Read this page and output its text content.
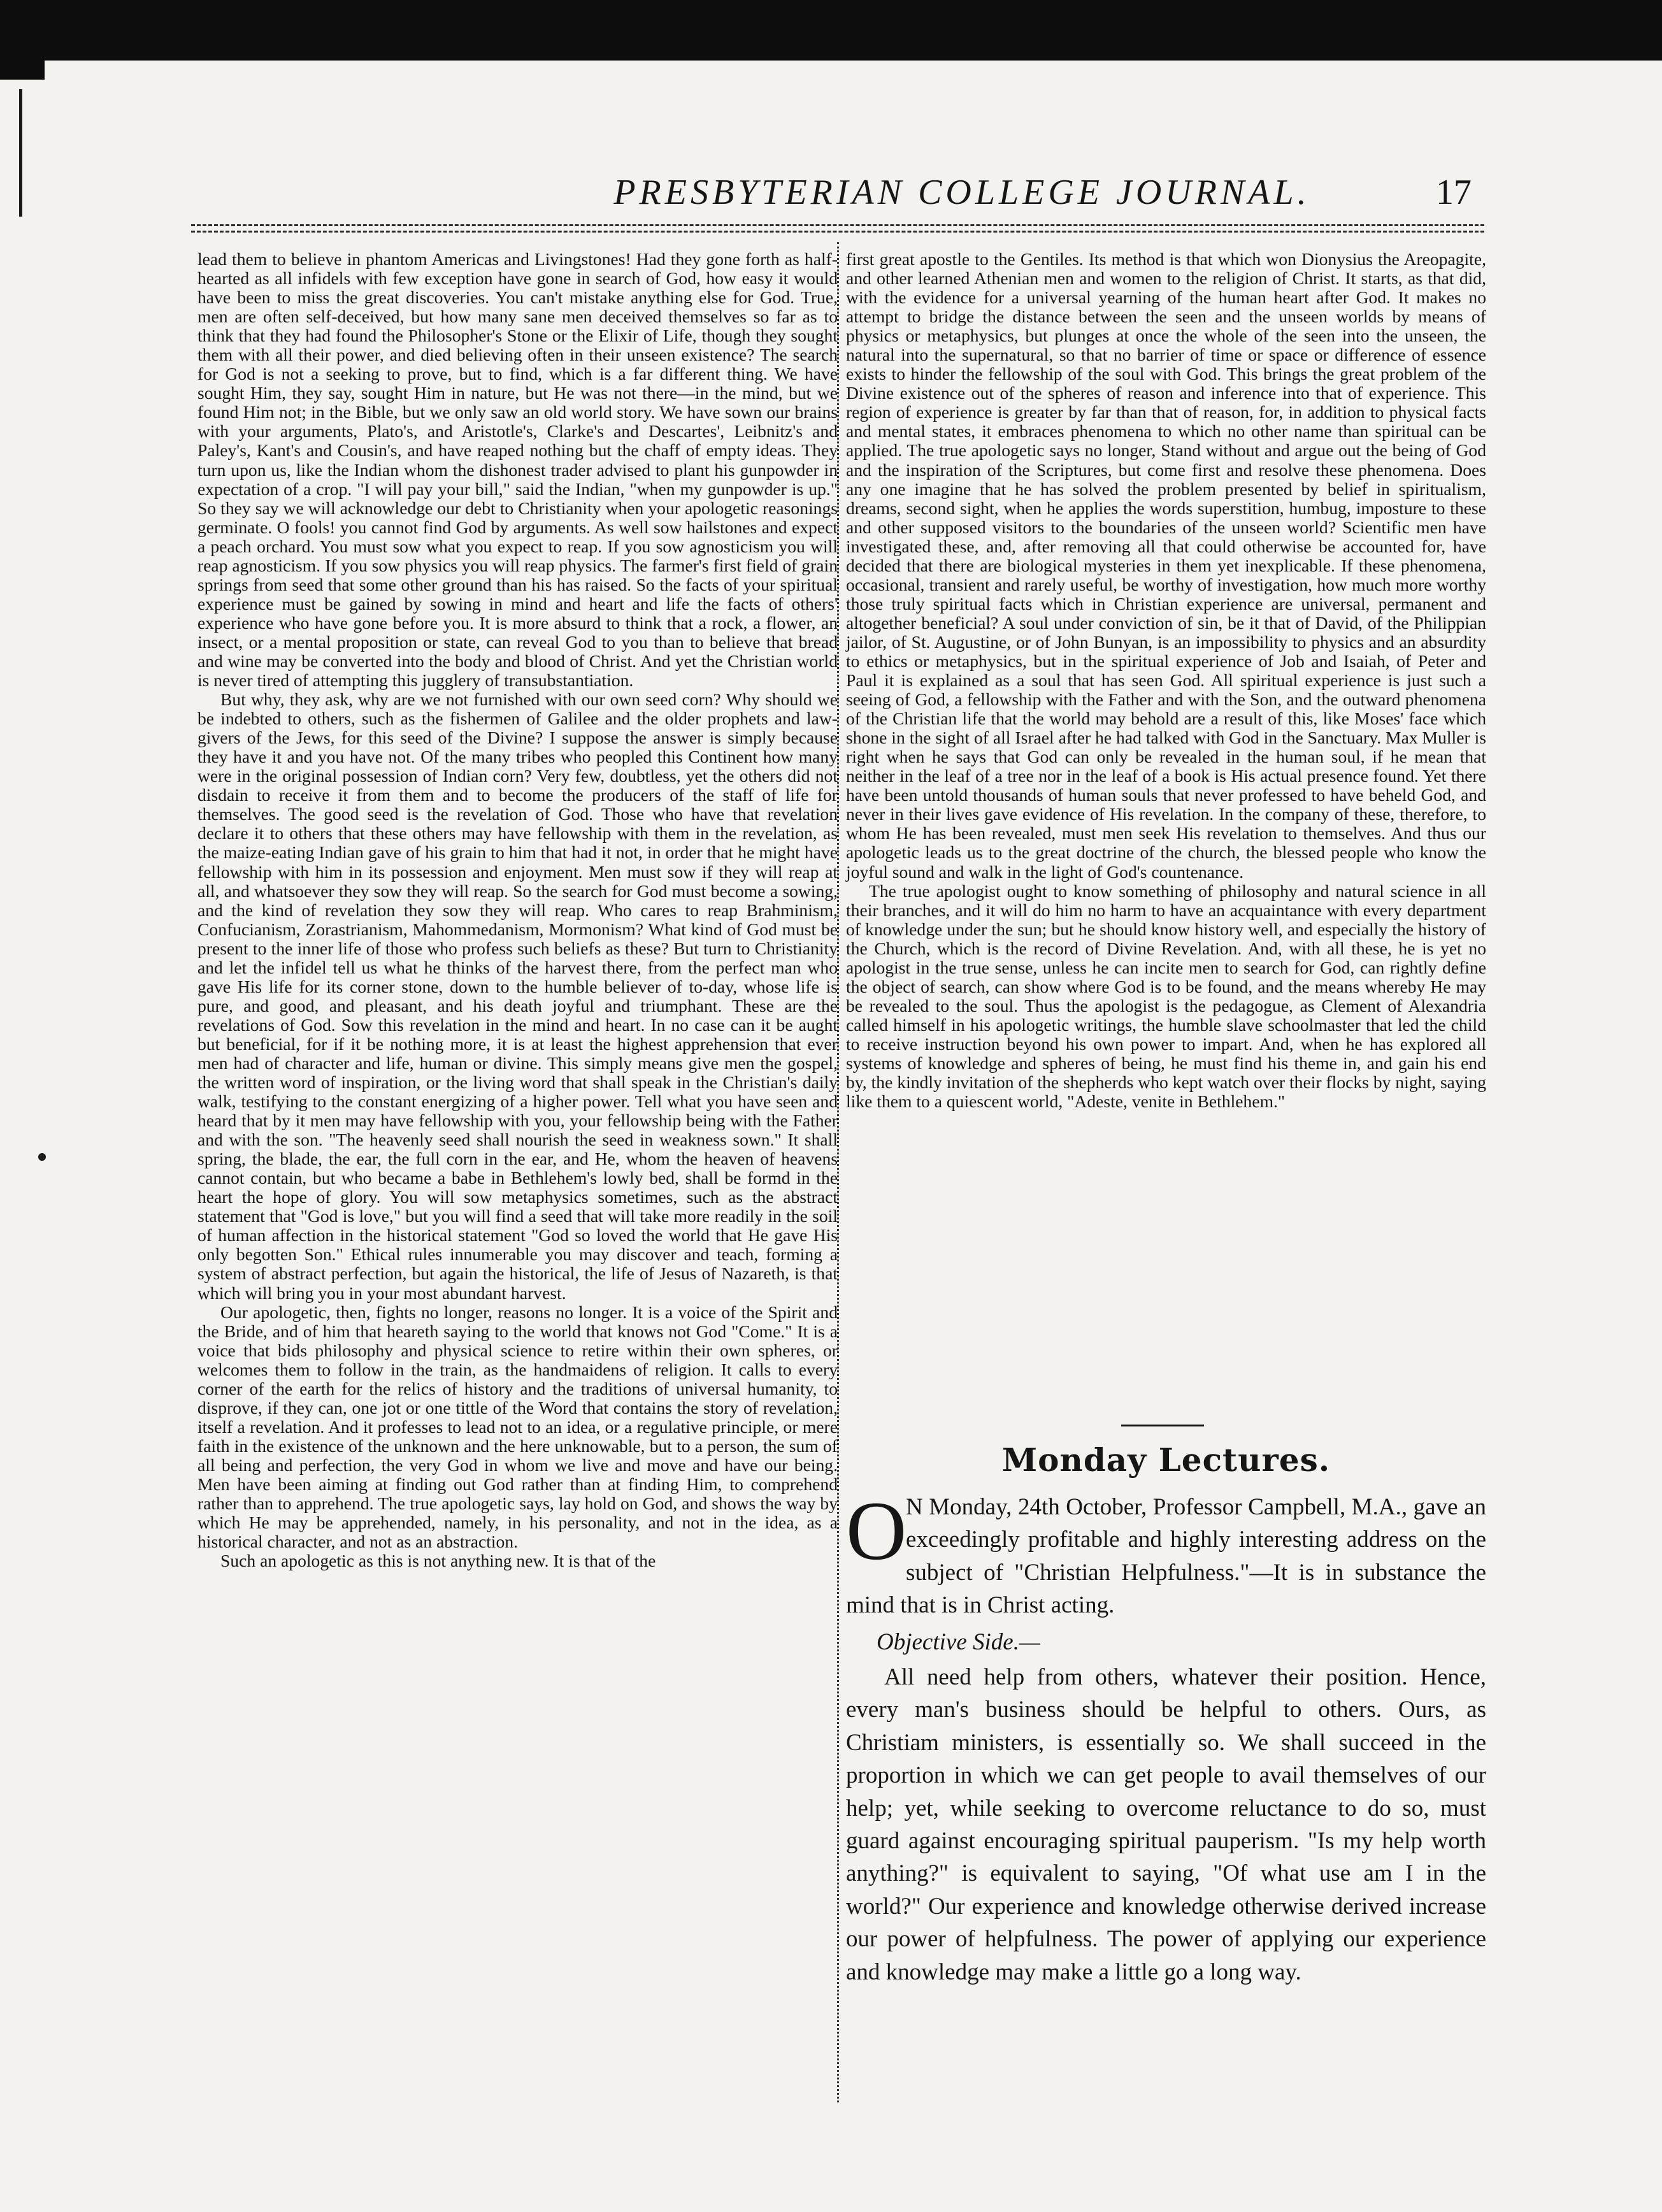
PRESBYTERIAN COLLEGE JOURNAL.	17

lead them to believe in phantom Americas and Livingstones! Had they gone forth as half-hearted as all infidels with few exception have gone in search of God, how easy it would have been to miss the great discoveries. You can't mistake anything else for God. True, men are often self-deceived, but how many sane men deceived themselves so far as to think that they had found the Philosopher's Stone or the Elixir of Life, though they sought them with all their power, and died believing often in their unseen existence? The search for God is not a seeking to prove, but to find, which is a far different thing. We have sought Him, they say, sought Him in nature, but He was not there—in the mind, but we found Him not; in the Bible, but we only saw an old world story. We have sown our brains with your arguments, Plato's, and Aristotle's, Clarke's and Descartes', Leibnitz's and Paley's, Kant's and Cousin's, and have reaped nothing but the chaff of empty ideas. They turn upon us, like the Indian whom the dishonest trader advised to plant his gunpowder in expectation of a crop. "I will pay your bill," said the Indian, "when my gunpowder is up." So they say we will acknowledge our debt to Christianity when your apologetic reasonings germinate. O fools! you cannot find God by arguments. As well sow hailstones and expect a peach orchard. You must sow what you expect to reap. If you sow agnosticism you will reap agnosticism. If you sow physics you will reap physics. The farmer's first field of grain springs from seed that some other ground than his has raised. So the facts of your spiritual experience must be gained by sowing in mind and heart and life the facts of others' experience who have gone before you. It is more absurd to think that a rock, a flower, an insect, or a mental proposition or state, can reveal God to you than to believe that bread and wine may be converted into the body and blood of Christ. And yet the Christian world is never tired of attempting this jugglery of transubstantiation.

But why, they ask, why are we not furnished with our own seed corn? Why should we be indebted to others, such as the fishermen of Galilee and the older prophets and law-givers of the Jews, for this seed of the Divine? I suppose the answer is simply because they have it and you have not. Of the many tribes who peopled this Continent how many were in the original possession of Indian corn? Very few, doubtless, yet the others did not disdain to receive it from them and to become the producers of the staff of life for themselves. The good seed is the revelation of God. Those who have that revelation declare it to others that these others may have fellowship with them in the revelation, as the maize-eating Indian gave of his grain to him that had it not, in order that he might have fellowship with him in its possession and enjoyment. Men must sow if they will reap at all, and whatsoever they sow they will reap. So the search for God must become a sowing, and the kind of revelation they sow they will reap. Who cares to reap Brahminism, Confucianism, Zorastrianism, Mahommedanism, Mormonism? What kind of God must be present to the inner life of those who profess such beliefs as these? But turn to Christianity and let the infidel tell us what he thinks of the harvest there, from the perfect man who gave His life for its corner stone, down to the humble believer of to-day, whose life is pure, and good, and pleasant, and his death joyful and triumphant. These are the revelations of God. Sow this revelation in the mind and heart. In no case can it be aught but beneficial, for if it be nothing more, it is at least the highest apprehension that ever men had of character and life, human or divine. This simply means give men the gospel, the written word of inspiration, or the living word that shall speak in the Christian's daily walk, testifying to the constant energizing of a higher power. Tell what you have seen and heard that by it men may have fellowship with you, your fellowship being with the Father and with the son. "The heavenly seed shall nourish the seed in weakness sown." It shall spring, the blade, the ear, the full corn in the ear, and He, whom the heaven of heavens cannot contain, but who became a babe in Bethlehem's lowly bed, shall be formd in the heart the hope of glory. You will sow metaphysics sometimes, such as the abstract statement that "God is love," but you will find a seed that will take more readily in the soil of human affection in the historical statement "God so loved the world that He gave His only begotten Son." Ethical rules innumerable you may discover and teach, forming a system of abstract perfection, but again the historical, the life of Jesus of Nazareth, is that which will bring you in your most abundant harvest.

Our apologetic, then, fights no longer, reasons no longer. It is a voice of the Spirit and the Bride, and of him that heareth saying to the world that knows not God "Come." It is a voice that bids philosophy and physical science to retire within their own spheres, or welcomes them to follow in the train, as the handmaidens of religion. It calls to every corner of the earth for the relics of history and the traditions of universal humanity, to disprove, if they can, one jot or one tittle of the Word that contains the story of revelation, itself a revelation. And it professes to lead not to an idea, or a regulative principle, or mere faith in the existence of the unknown and the here unknowable, but to a person, the sum of all being and perfection, the very God in whom we live and move and have our being. Men have been aiming at finding out God rather than at finding Him, to comprehend rather than to apprehend. The true apologetic says, lay hold on God, and shows the way by which He may be apprehended, namely, in his personality, and not in the idea, as a historical character, and not as an abstraction.

Such an apologetic as this is not anything new. It is that of the

first great apostle to the Gentiles. Its method is that which won Dionysius the Areopagite, and other learned Athenian men and women to the religion of Christ. It starts, as that did, with the evidence for a universal yearning of the human heart after God. It makes no attempt to bridge the distance between the seen and the unseen worlds by means of physics or metaphysics, but plunges at once the whole of the seen into the unseen, the natural into the supernatural, so that no barrier of time or space or difference of essence exists to hinder the fellowship of the soul with God. This brings the great problem of the Divine existence out of the spheres of reason and inference into that of experience. This region of experience is greater by far than that of reason, for, in addition to physical facts and mental states, it embraces phenomena to which no other name than spiritual can be applied. The true apologetic says no longer, Stand without and argue out the being of God and the inspiration of the Scriptures, but come first and resolve these phenomena. Does any one imagine that he has solved the problem presented by belief in spiritualism, dreams, second sight, when he applies the words superstition, humbug, imposture to these and other supposed visitors to the boundaries of the unseen world? Scientific men have investigated these, and, after removing all that could otherwise be accounted for, have decided that there are biological mysteries in them yet inexplicable. If these phenomena, occasional, transient and rarely useful, be worthy of investigation, how much more worthy those truly spiritual facts which in Christian experience are universal, permanent and altogether beneficial? A soul under conviction of sin, be it that of David, of the Philippian jailor, of St. Augustine, or of John Bunyan, is an impossibility to physics and an absurdity to ethics or metaphysics, but in the spiritual experience of Job and Isaiah, of Peter and Paul it is explained as a soul that has seen God. All spiritual experience is just such a seeing of God, a fellowship with the Father and with the Son, and the outward phenomena of the Christian life that the world may behold are a result of this, like Moses' face which shone in the sight of all Israel after he had talked with God in the Sanctuary. Max Muller is right when he says that God can only be revealed in the human soul, if he mean that neither in the leaf of a tree nor in the leaf of a book is His actual presence found. Yet there have been untold thousands of human souls that never professed to have beheld God, and never in their lives gave evidence of His revelation. In the company of these, therefore, to whom He has been revealed, must men seek His revelation to themselves. And thus our apologetic leads us to the great doctrine of the church, the blessed people who know the joyful sound and walk in the light of God's countenance.

The true apologist ought to know something of philosophy and natural science in all their branches, and it will do him no harm to have an acquaintance with every department of knowledge under the sun; but he should know history well, and especially the history of the Church, which is the record of Divine Revelation. And, with all these, he is yet no apologist in the true sense, unless he can incite men to search for God, can rightly define the object of search, can show where God is to be found, and the means whereby He may be revealed to the soul. Thus the apologist is the pedagogue, as Clement of Alexandria called himself in his apologetic writings, the humble slave schoolmaster that led the child to receive instruction beyond his own power to impart. And, when he has explored all systems of knowledge and spheres of being, he must find his theme in, and gain his end by, the kindly invitation of the shepherds who kept watch over their flocks by night, saying like them to a quiescent world, "Adeste, venite in Bethlehem."

Monday Lectures.

O
N Monday, 24th October, Professor Campbell, M.A., gave an exceedingly profitable and highly interesting address on the subject of "Christian Helpfulness."—It is in substance the mind that is in Christ acting.

Objective Side.—

All need help from others, whatever their position. Hence, every man's business should be helpful to others. Ours, as Christiam ministers, is essentially so. We shall succeed in the proportion in which we can get people to avail themselves of our help; yet, while seeking to overcome reluctance to do so, must guard against encouraging spiritual pauperism. "Is my help worth anything?" is equivalent to saying, "Of what use am I in the world?" Our experience and knowledge otherwise derived increase our power of helpfulness. The power of applying our experience and knowledge may make a little go a long way.
